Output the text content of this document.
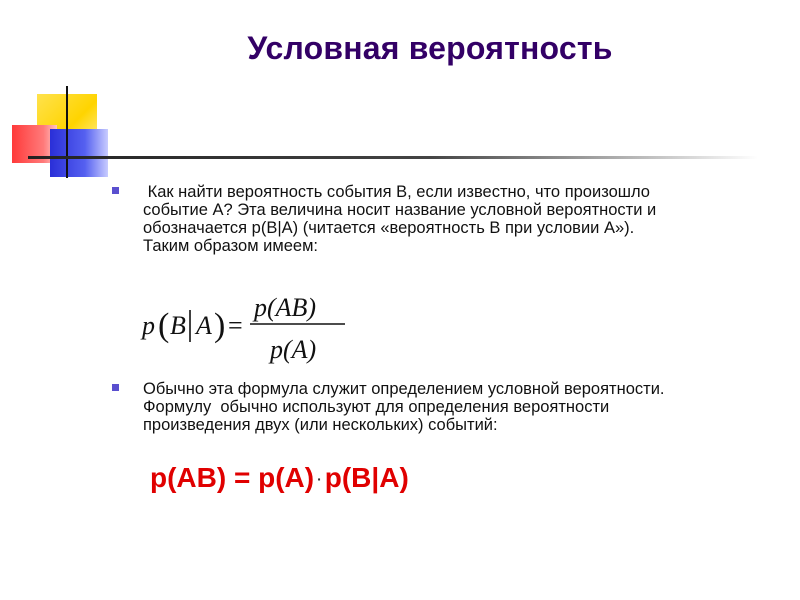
Условная вероятность
Как найти вероятность события В, если известно, что произошло
событие А? Эта величина носит название условной вероятности и
обозначается р(В|А) (читается «вероятность В при условии А»).
Таким образом имеем:
p ( B A ) =
p(AB)
p(A)
Обычно эта формула служит определением условной вероятности.
Формулу  обычно используют для определения вероятности
произведения двух (или нескольких) событий:
р(АВ) = р(А) · р(В|А)
